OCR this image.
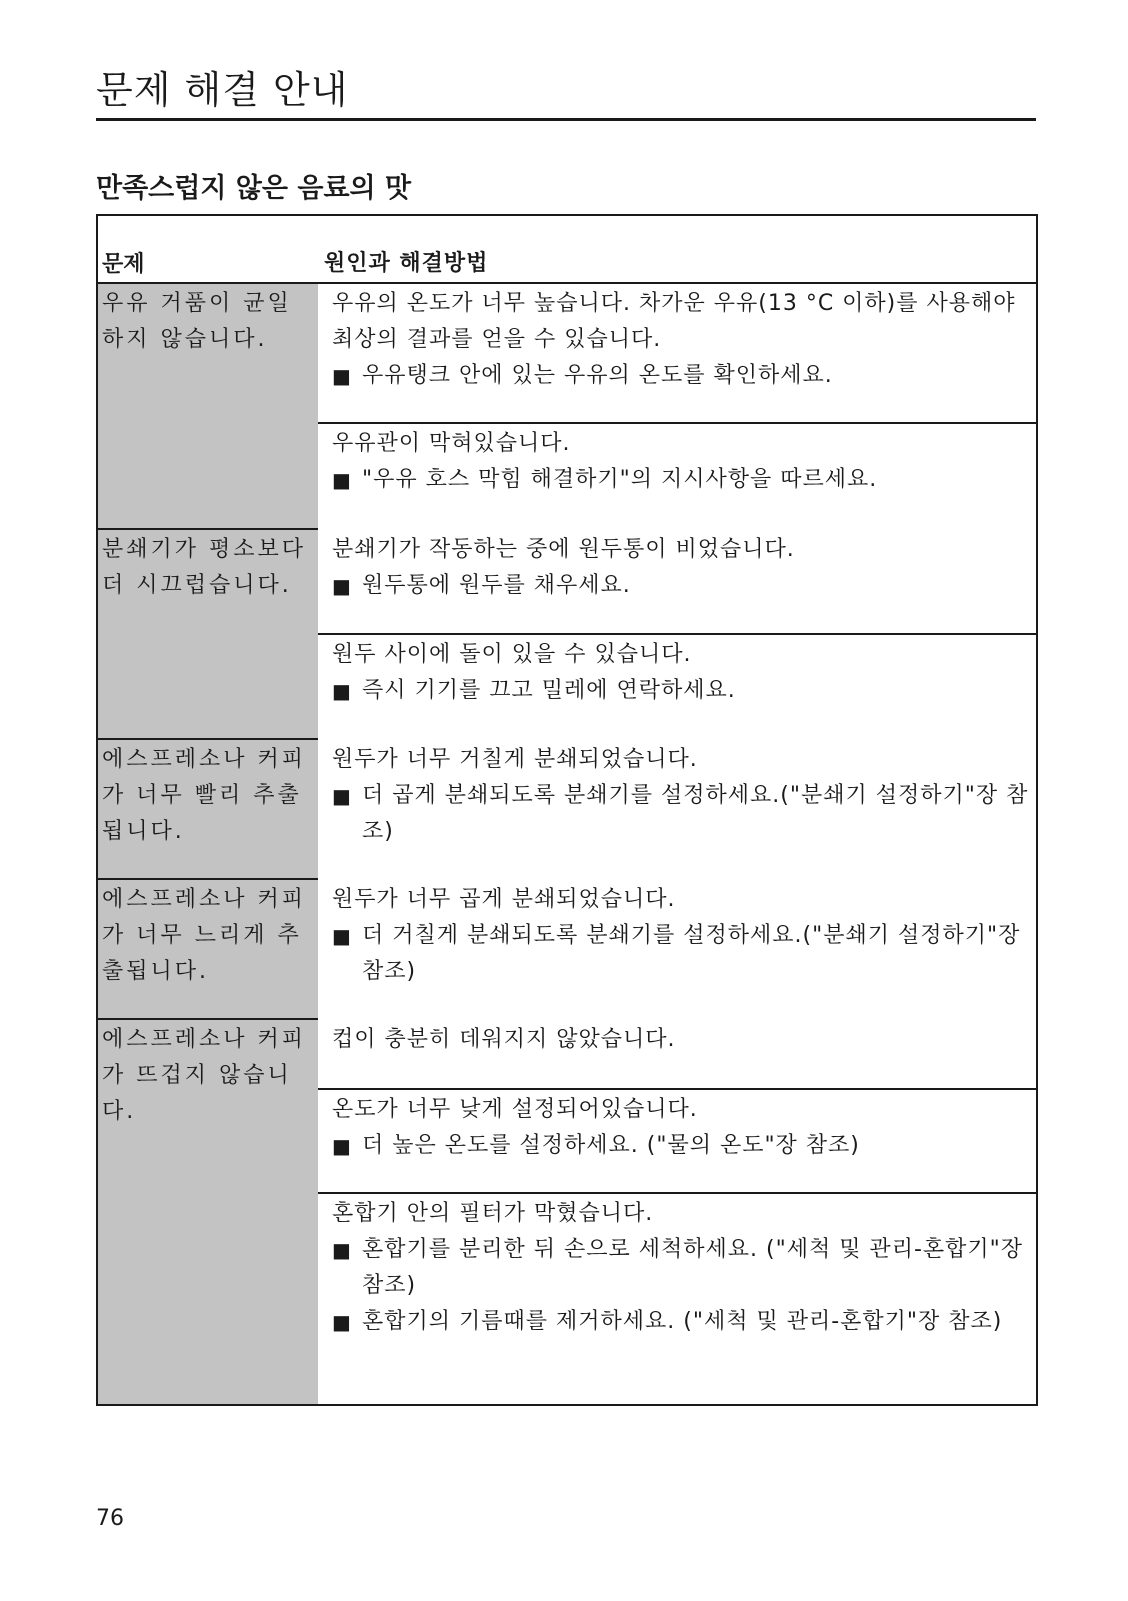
문제 해결 안내
만족스럽지 않은 음료의 맛
문제	원인과 해결방법
우유 거품이 균일하지 않습니다.
우유의 온도가 너무 높습니다. 차가운 우유(13 °C 이하)를 사용해야 최상의 결과를 얻을 수 있습니다.
■ 우유탱크 안에 있는 우유의 온도를 확인하세요.
우유관이 막혀있습니다.
■ "우유 호스 막힘 해결하기"의 지시사항을 따르세요.
분쇄기가 평소보다 더 시끄럽습니다.
분쇄기가 작동하는 중에 원두통이 비었습니다.
■ 원두통에 원두를 채우세요.
원두 사이에 돌이 있을 수 있습니다.
■ 즉시 기기를 끄고 밀레에 연락하세요.
에스프레소나 커피가 너무 빨리 추출됩니다.
원두가 너무 거칠게 분쇄되었습니다.
■ 더 곱게 분쇄되도록 분쇄기를 설정하세요.("분쇄기 설정하기"장 참조)
에스프레소나 커피가 너무 느리게 추출됩니다.
원두가 너무 곱게 분쇄되었습니다.
■ 더 거칠게 분쇄되도록 분쇄기를 설정하세요.("분쇄기 설정하기"장 참조)
에스프레소나 커피가 뜨겁지 않습니다.
컵이 충분히 데워지지 않았습니다.
온도가 너무 낮게 설정되어있습니다.
■ 더 높은 온도를 설정하세요. ("물의 온도"장 참조)
혼합기 안의 필터가 막혔습니다.
■ 혼합기를 분리한 뒤 손으로 세척하세요. ("세척 및 관리-혼합기"장 참조)
■ 혼합기의 기름때를 제거하세요. ("세척 및 관리-혼합기"장 참조)
76
